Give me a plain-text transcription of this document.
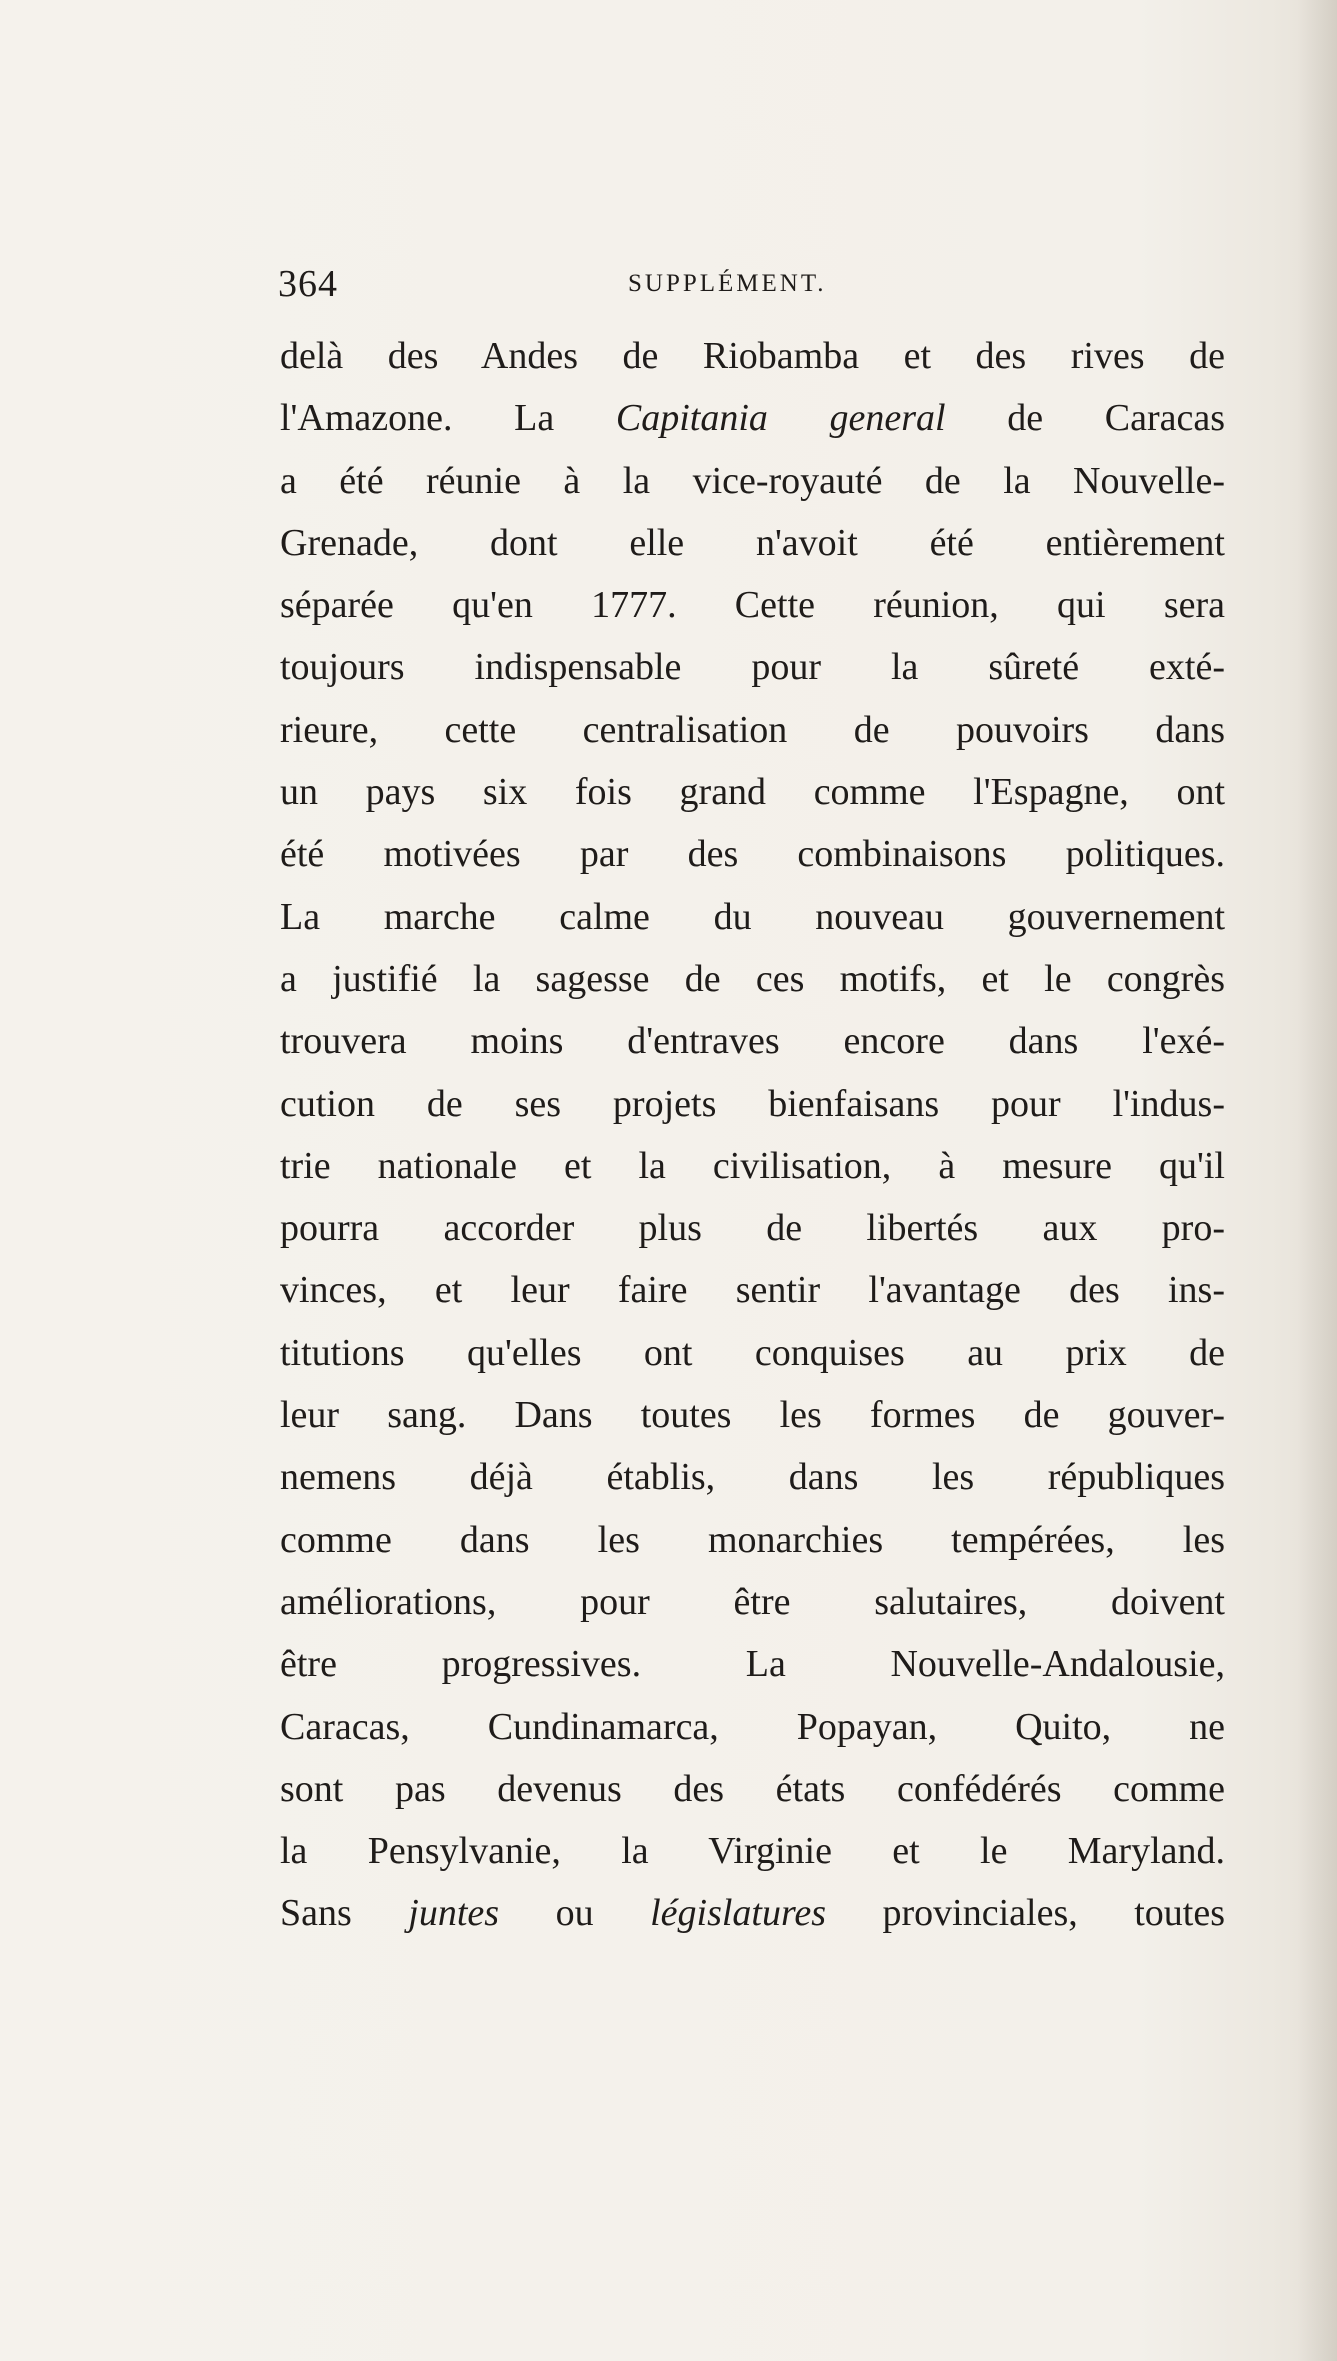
364	SUPPLÉMENT.
delà des Andes de Riobamba et des rives de
l'Amazone. La Capitania general de Caracas
a été réunie à la vice-royauté de la Nouvelle-
Grenade, dont elle n'avoit été entièrement
séparée qu'en 1777. Cette réunion, qui sera
toujours indispensable pour la sûreté exté-
rieure, cette centralisation de pouvoirs dans
un pays six fois grand comme l'Espagne, ont
été motivées par des combinaisons politiques.
La marche calme du nouveau gouvernement
a justifié la sagesse de ces motifs, et le congrès
trouvera moins d'entraves encore dans l'exé-
cution de ses projets bienfaisans pour l'indus-
trie nationale et la civilisation, à mesure qu'il
pourra accorder plus de libertés aux pro-
vinces, et leur faire sentir l'avantage des ins-
titutions qu'elles ont conquises au prix de
leur sang. Dans toutes les formes de gouver-
nemens déjà établis, dans les républiques
comme dans les monarchies tempérées, les
améliorations, pour être salutaires, doivent
être progressives. La Nouvelle-Andalousie,
Caracas, Cundinamarca, Popayan, Quito, ne
sont pas devenus des états confédérés comme
la Pensylvanie, la Virginie et le Maryland.
Sans juntes ou législatures provinciales, toutes
